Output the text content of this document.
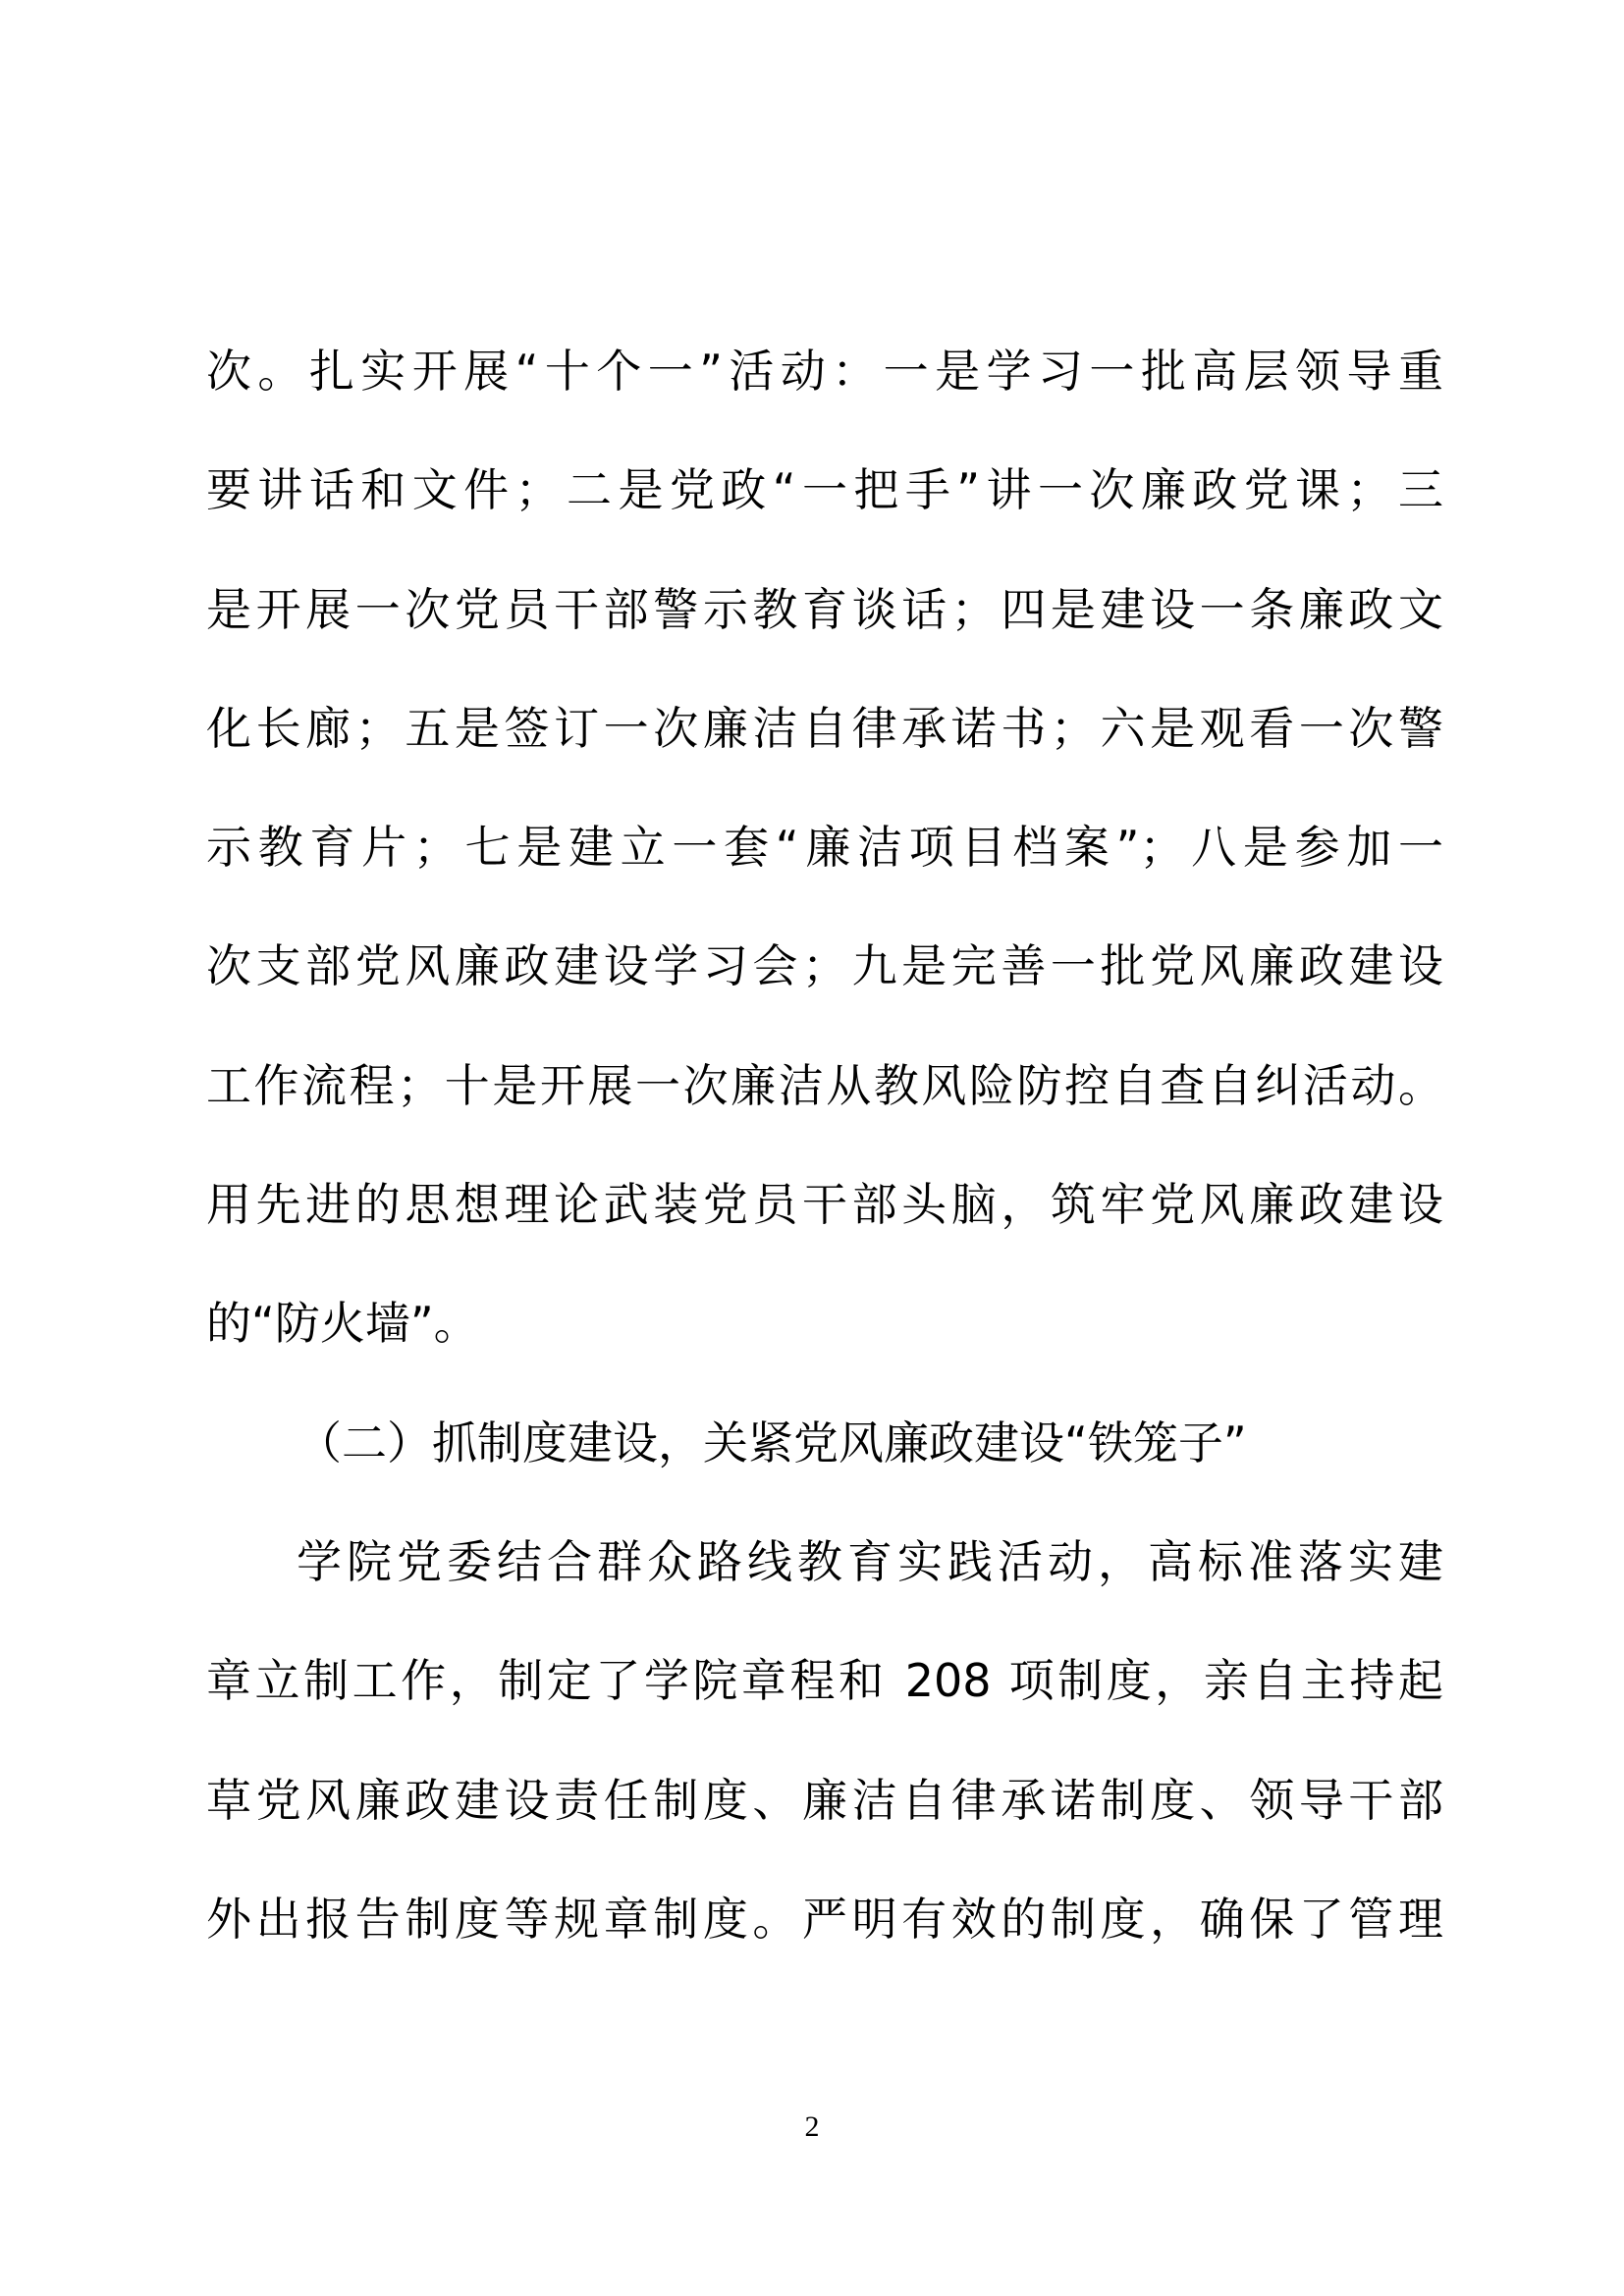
次。扎实开展“十个一”活动：一是学习一批高层领导重
要讲话和文件；二是党政“一把手”讲一次廉政党课；三
是开展一次党员干部警示教育谈话；四是建设一条廉政文
化长廊；五是签订一次廉洁自律承诺书；六是观看一次警
示教育片；七是建立一套“廉洁项目档案”；八是参加一
次支部党风廉政建设学习会；九是完善一批党风廉政建设
工作流程；十是开展一次廉洁从教风险防控自查自纠活动。
用先进的思想理论武装党员干部头脑，筑牢党风廉政建设
的“防火墙”。

（二）抓制度建设，关紧党风廉政建设“铁笼子”

学院党委结合群众路线教育实践活动，高标准落实建
章立制工作，制定了学院章程和 208 项制度，亲自主持起
草党风廉政建设责任制度、廉洁自律承诺制度、领导干部
外出报告制度等规章制度。严明有效的制度，确保了管理

2
